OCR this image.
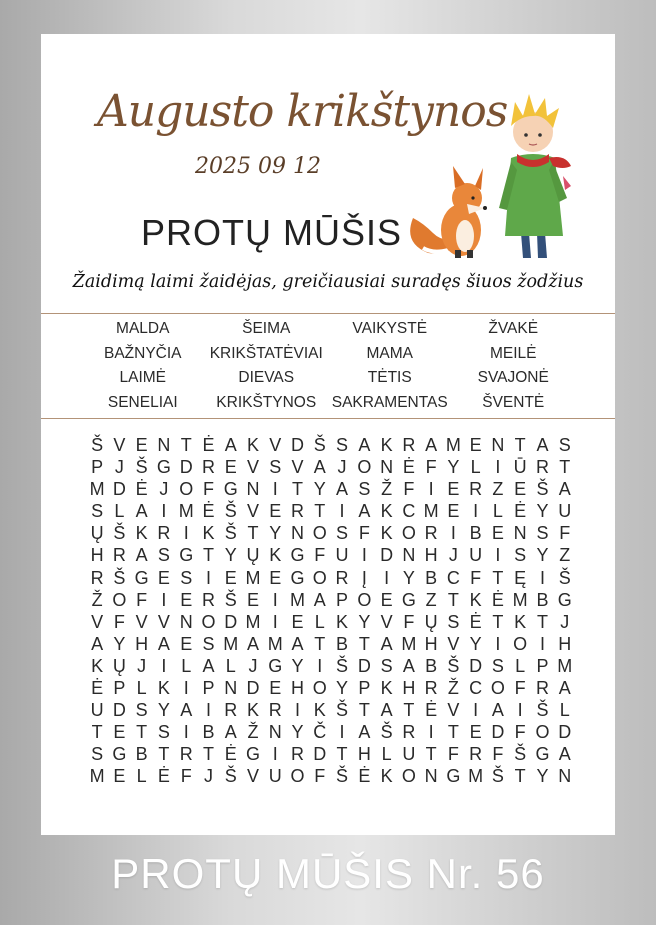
Augusto krikštynos
2025 09 12
PROTŲ MŪŠIS
Žaidimą laimi žaidėjas, greičiausiai suradęs šiuos žodžius
MALDA	ŠEIMA	VAIKYSTĖ	ŽVAKĖ
BAŽNYČIA	KRIKŠTATĖVIAI	MAMA	MEILĖ
LAIMĖ	DIEVAS	TĖTIS	SVAJONĖ
SENELIAI	KRIKŠTYNOS	SAKRAMENTAS	ŠVENTĖ
Š V E N T Ė A K V D Š S A K R A M E N T A S
P J Š G D R E V S V A J O N Ė F Y L I Ū R T
M D Ė J O F G N I T Y A S Ž F I E R Z E Š A
S L A I M Ė Š V E R T I A K C M E I L Ė Y U
Ų Š K R I K Š T Y N O S F K O R I B E N S F
H R A S G T Y Ų K G F U I D N H J U I S Y Z
R Š G E S I E M E G O R Į I Y B C F T Ę I Š
Ž O F I E R Š E I M A P O E G Z T K Ė M B G
V F V V N O D M I E L K Y V F Ų S Ė T K T J
A Y H A E S M A M A T B T A M H V Y I O I H
K Ų J I L A L J G Y I Š D S A B Š D S L P M
Ė P L K I P N D E H O Y P K H R Ž C O F R A
U D S Y A I R K R I K Š T A T Ė V I A I Š L
T E T S I B A Ž N Y Č I A Š R I T E D F O D
S G B T R T Ė G I R D T H L U T F R F Š G A
M E L Ė F J Š V U O F Š Ė K O N G M Š T Y N
PROTŲ MŪŠIS Nr. 56
